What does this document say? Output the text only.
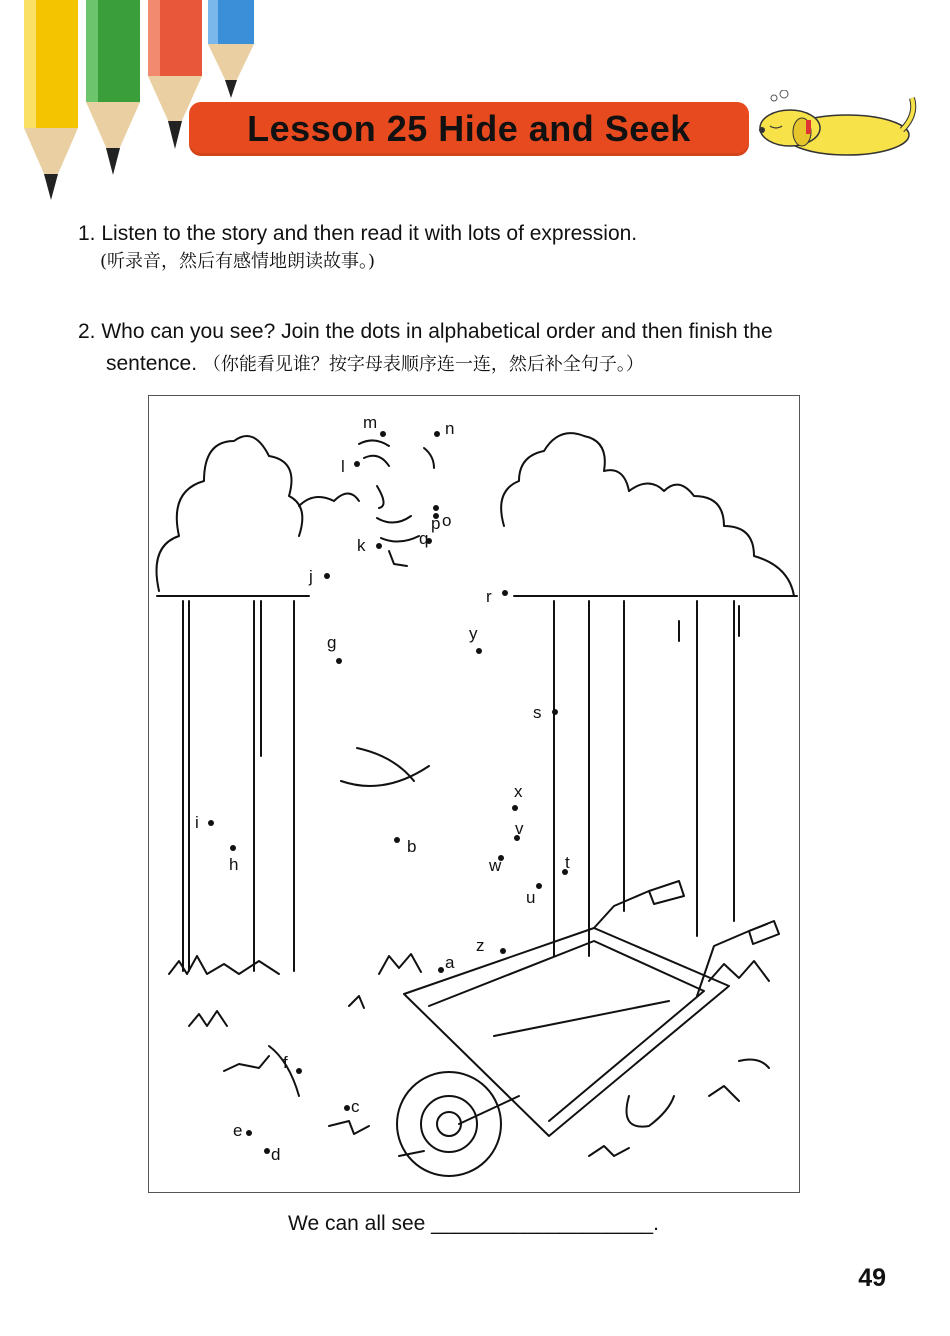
Lesson 25 Hide and Seek
1. Listen to the story and then read it with lots of expression.
(听录音，然后有感情地朗读故事。)
2. Who can you see? Join the dots in alphabetical order and then finish the
sentence. （你能看见谁？按字母表顺序连一连，然后补全句子。）
a
b
c
d
e
f
g
h
i
j
k
l
m	n
o
p
q
r
s
t
u
v
w
x
y
z
We can all see ___________________.
49
